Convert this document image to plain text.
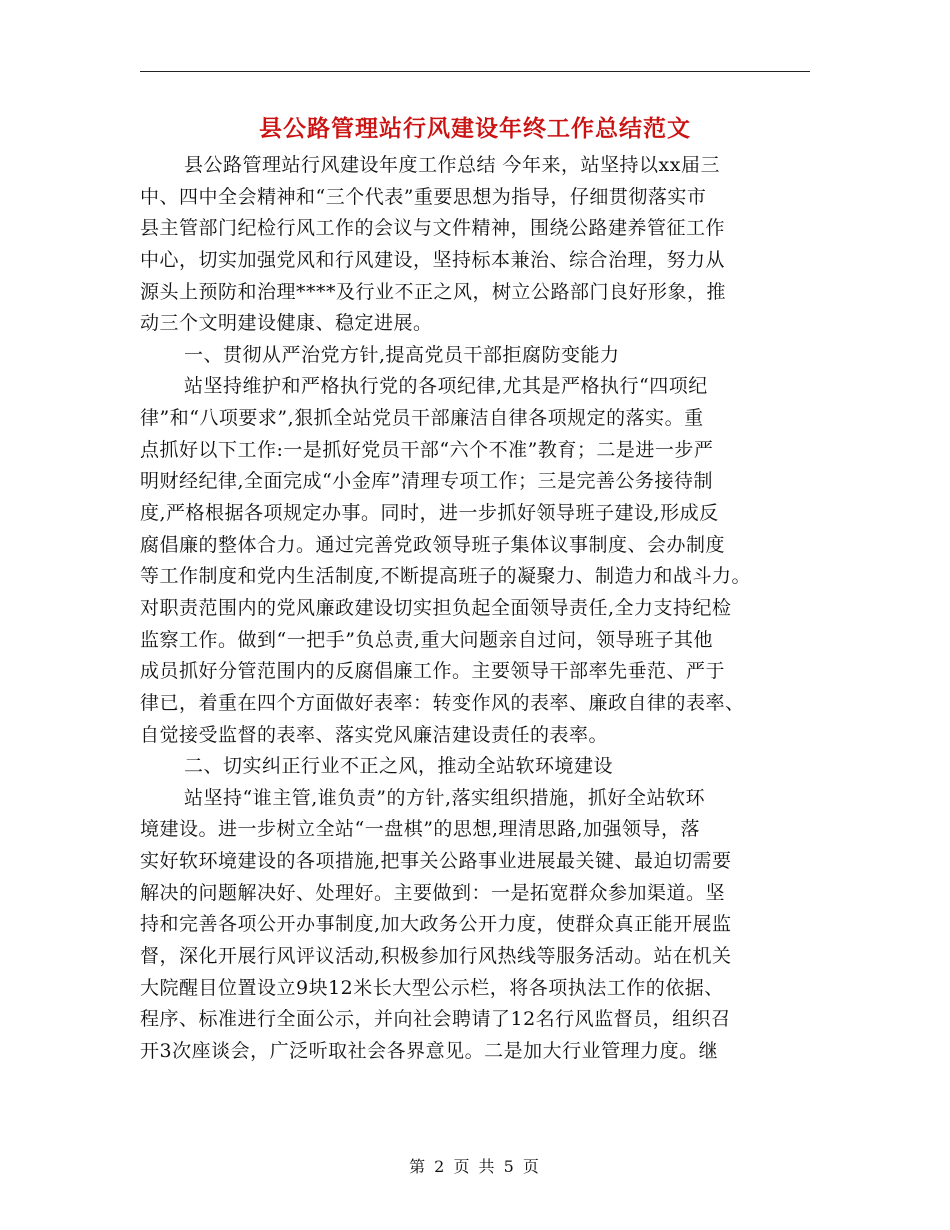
县公路管理站行风建设年终工作总结范文
县公路管理站行风建设年度工作总结 今年来，站坚持以xx届三
中、四中全会精神和“三个代表”重要思想为指导，仔细贯彻落实市
县主管部门纪检行风工作的会议与文件精神，围绕公路建养管征工作
中心，切实加强党风和行风建设，坚持标本兼治、综合治理，努力从
源头上预防和治理****及行业不正之风，树立公路部门良好形象，推
动三个文明建设健康、稳定进展。
一、贯彻从严治党方针,提高党员干部拒腐防变能力
站坚持维护和严格执行党的各项纪律,尤其是严格执行“四项纪
律”和“八项要求”,狠抓全站党员干部廉洁自律各项规定的落实。重
点抓好以下工作:一是抓好党员干部“六个不准”教育；二是进一步严
明财经纪律,全面完成“小金库”清理专项工作；三是完善公务接待制
度,严格根据各项规定办事。同时，进一步抓好领导班子建设,形成反
腐倡廉的整体合力。通过完善党政领导班子集体议事制度、会办制度
等工作制度和党内生活制度,不断提高班子的凝聚力、制造力和战斗力。
对职责范围内的党风廉政建设切实担负起全面领导责任,全力支持纪检
监察工作。做到“一把手”负总责,重大问题亲自过问，领导班子其他
成员抓好分管范围内的反腐倡廉工作。主要领导干部率先垂范、严于
律已，着重在四个方面做好表率：转变作风的表率、廉政自律的表率、
自觉接受监督的表率、落实党风廉洁建设责任的表率。
二、切实纠正行业不正之风，推动全站软环境建设
站坚持“谁主管,谁负责”的方针,落实组织措施，抓好全站软环
境建设。进一步树立全站“一盘棋”的思想,理清思路,加强领导，落
实好软环境建设的各项措施,把事关公路事业进展最关键、最迫切需要
解决的问题解决好、处理好。主要做到：一是拓宽群众参加渠道。坚
持和完善各项公开办事制度,加大政务公开力度，使群众真正能开展监
督，深化开展行风评议活动,积极参加行风热线等服务活动。站在机关
大院醒目位置设立9块12米长大型公示栏，将各项执法工作的依据、
程序、标准进行全面公示，并向社会聘请了12名行风监督员，组织召
开3次座谈会，广泛听取社会各界意见。二是加大行业管理力度。继
第 2 页 共 5 页
